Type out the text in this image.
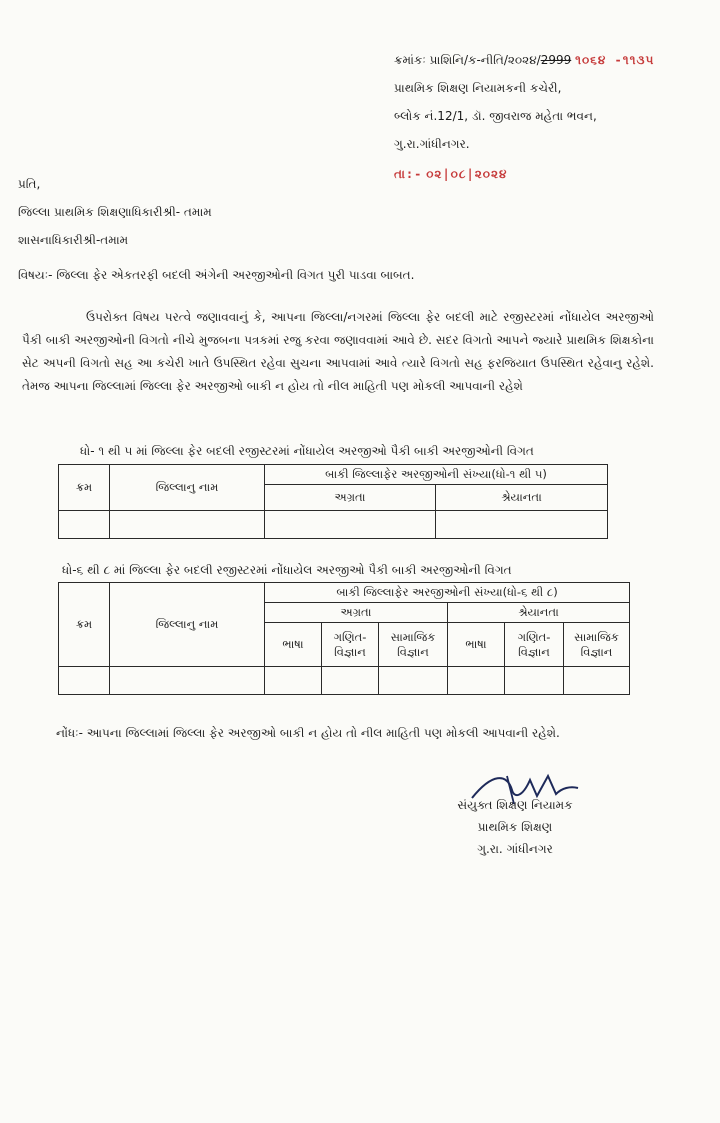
ક્રમાંકઃ પ્રાશિનિ/ક-નીતિ/૨૦૨૪/2999 ૧૦૬૪ -૧૧૩૫
પ્રાથમિક શિક્ષણ નિયામકની કચેરી,
બ્લોક નં.12/1, ડૉ. જીવરાજ મહેતા ભવન,
ગુ.રા.ગાંધીનગર.
તા:- ૦૨|૦૮|૨૦૨૪
પ્રતિ,
જિલ્લા પ્રાથમિક શિક્ષણાધિકારીશ્રી- તમામ
શાસનાધિકારીશ્રી-તમામ
વિષયઃ- જિલ્લા ફેર એકતરફી બદલી અંગેની અરજીઓની વિગત પુરી પાડવા બાબત.
ઉપરોક્ત વિષય પરત્વે જણાવવાનું કે, આપના જિલ્લા/નગરમાં જિલ્લા ફેર બદલી માટે રજીસ્ટરમાં નોંધાયેલ અરજીઓ પૈકી બાકી અરજીઓની વિગતો નીચે મુજબના પત્રકમાં રજુ કરવા જણાવવામાં આવે છે. સદર વિગતો આપને જ્યારે પ્રાથમિક શિક્ષકોના સેટ અપની વિગતો સહ આ કચેરી ખાતે ઉપસ્થિત રહેવા સુચના આપવામાં આવે ત્યારે વિગતો સહ ફરજિયાત ઉપસ્થિત રહેવાનુ રહેશે. તેમજ આપના જિલ્લામાં જિલ્લા ફેર અરજીઓ બાકી ન હોય તો નીલ માહિતી પણ મોકલી આપવાની રહેશે
ધો- ૧ થી ૫ માં જિલ્લા ફેર બદલી રજીસ્ટરમાં નોંધાયેલ અરજીઓ પૈકી બાકી અરજીઓની વિગત
ક્રમ	જિલ્લાનુ નામ	બાકી જિલ્લાફેર અરજીઓની સંખ્યા(ધો-૧ થી ૫)	
		અગ્રતા	શ્રેયાનતા

ધો-૬ થી ૮ માં જિલ્લા ફેર બદલી રજીસ્ટરમાં નોંધાયેલ અરજીઓ પૈકી બાકી અરજીઓની વિગત
ક્રમ	જિલ્લાનુ નામ	બાકી જિલ્લાફેર અરજીઓની સંખ્યા(ધો-૬ થી ૮)					
		અગ્રતા			શ્રેયાનતા		
		ભાષા	ગણિત-વિજ્ઞાન	સામાજિક વિજ્ઞાન	ભાષા	ગણિત-વિજ્ઞાન	સામાજિક વિજ્ઞાન

નોંધઃ- આપના જિલ્લામાં જિલ્લા ફેર અરજીઓ બાકી ન હોય તો નીલ માહિતી પણ મોકલી આપવાની રહેશે.
સંયુક્ત શિક્ષણ નિયામક
પ્રાથમિક શિક્ષણ
ગુ.રા. ગાંધીનગર
